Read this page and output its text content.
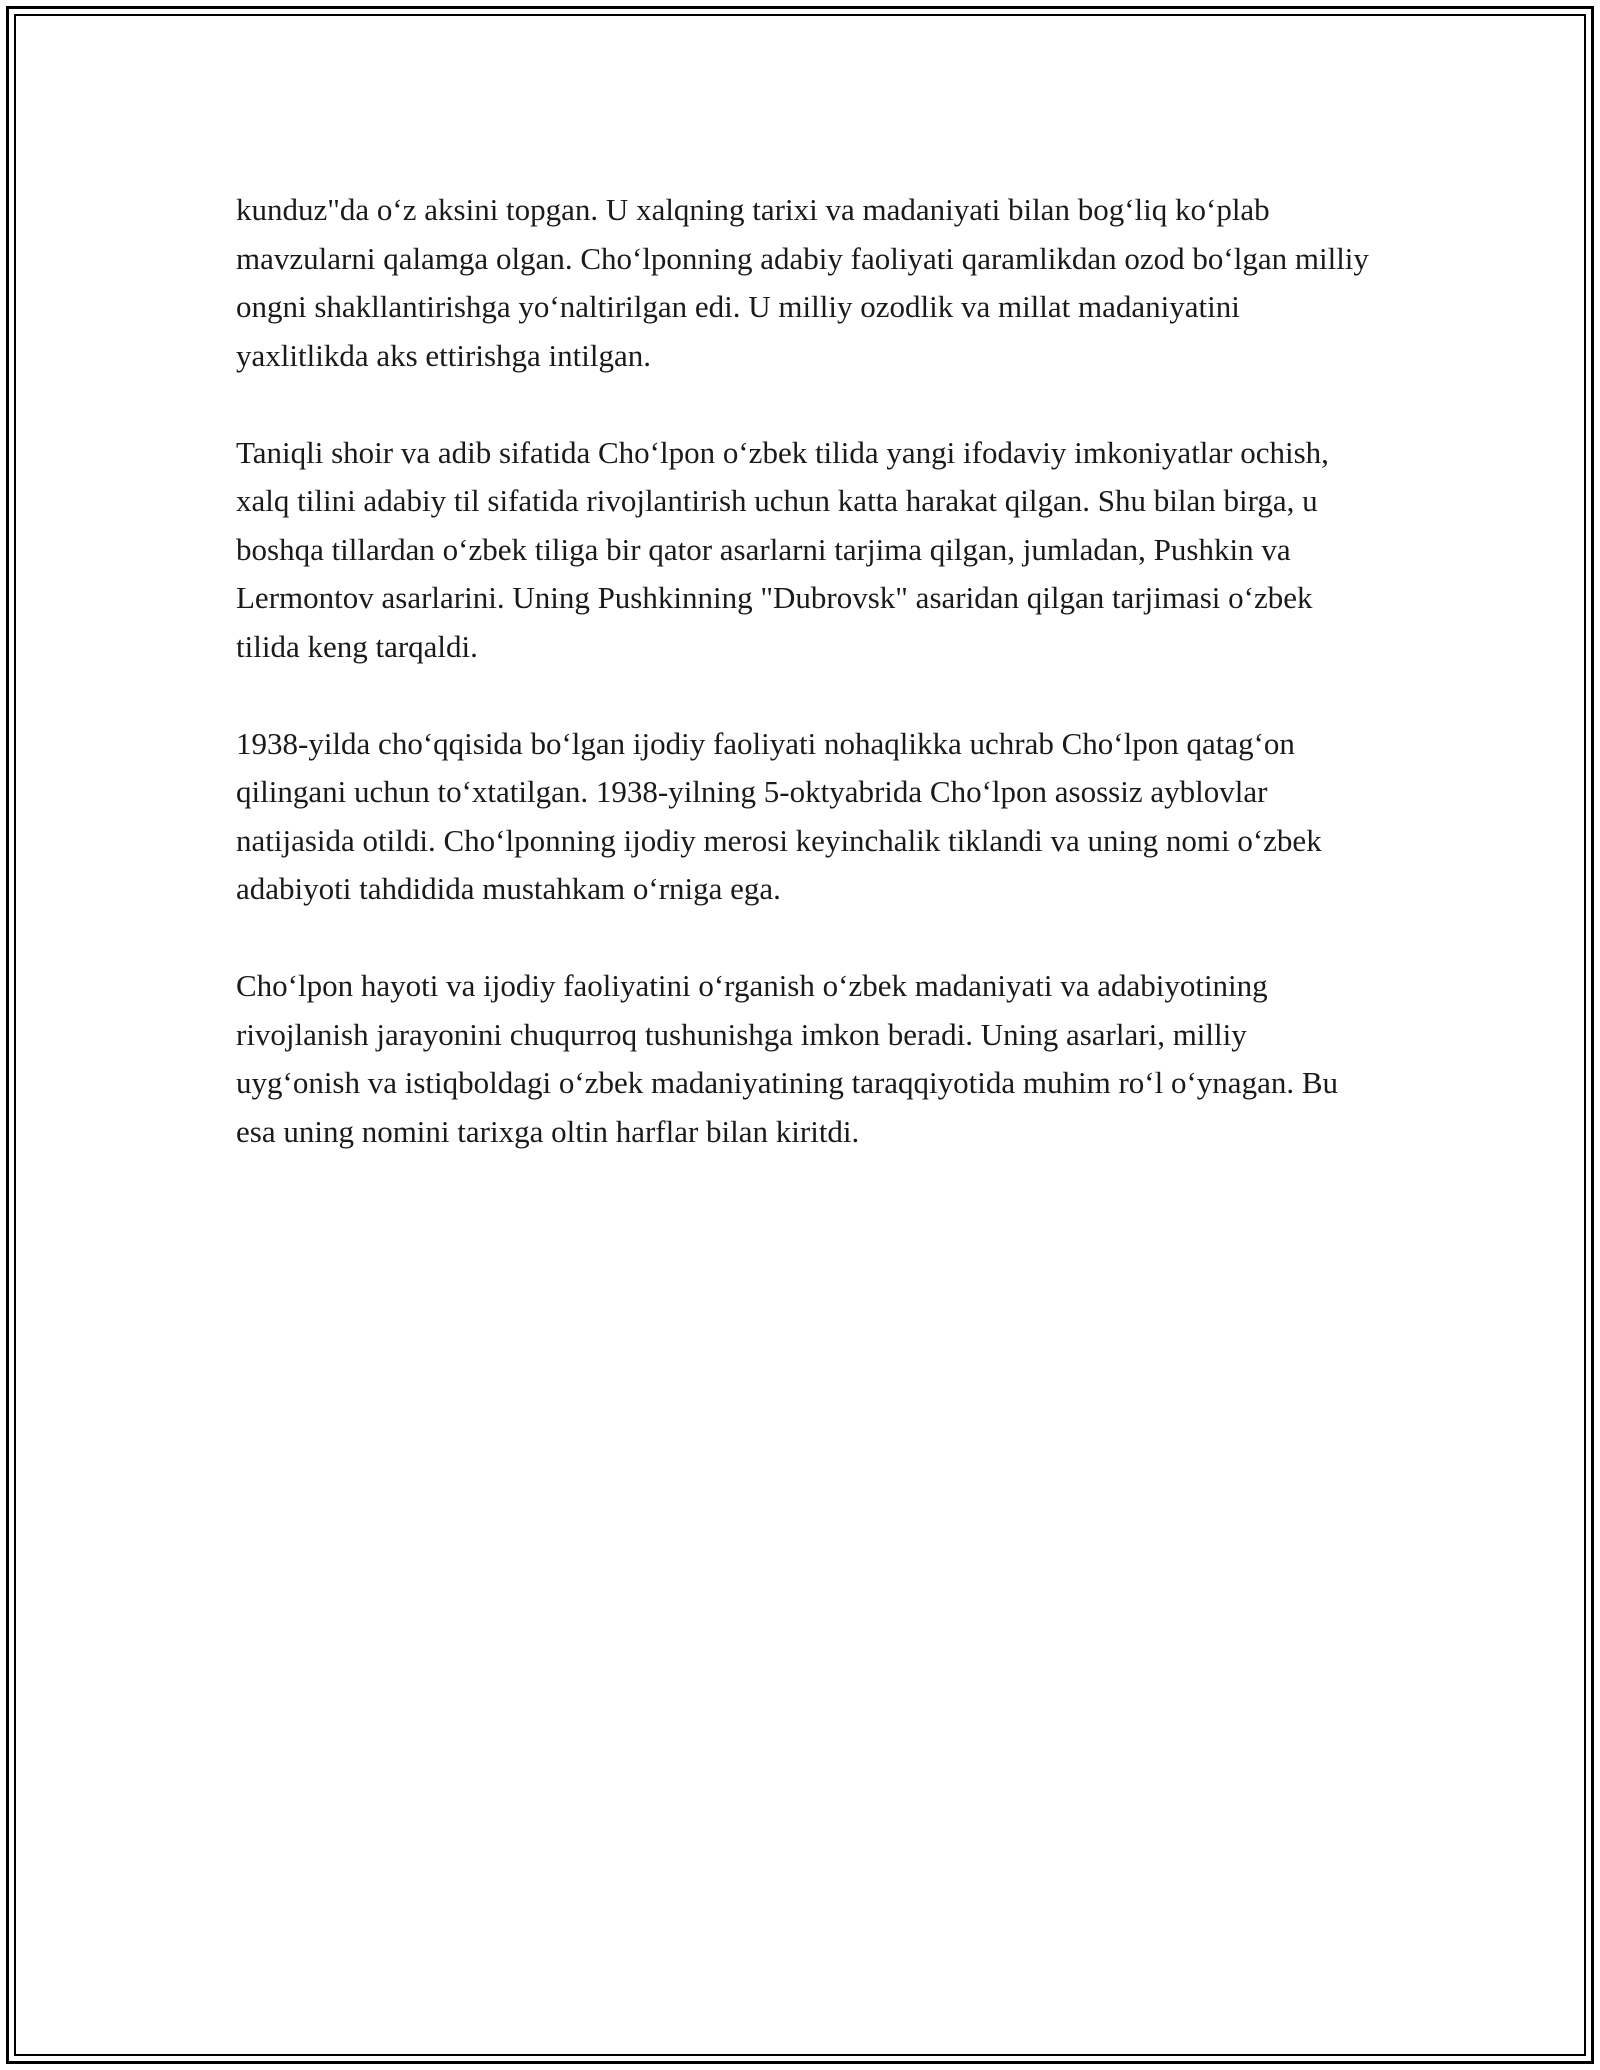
kunduz"da o‘z aksini topgan. U xalqning tarixi va madaniyati bilan bog‘liq ko‘plab mavzularni qalamga olgan. Cho‘lponning adabiy faoliyati qaramlikdan ozod bo‘lgan milliy ongni shakllantirishga yo‘naltirilgan edi. U milliy ozodlik va millat madaniyatini yaxlitlikda aks ettirishga intilgan.

Taniqli shoir va adib sifatida Cho‘lpon o‘zbek tilida yangi ifodaviy imkoniyatlar ochish, xalq tilini adabiy til sifatida rivojlantirish uchun katta harakat qilgan. Shu bilan birga, u boshqa tillardan o‘zbek tiliga bir qator asarlarni tarjima qilgan, jumladan, Pushkin va Lermontov asarlarini. Uning Pushkinning "Dubrovsk" asaridan qilgan tarjimasi o‘zbek tilida keng tarqaldi.

1938-yilda cho‘qqisida bo‘lgan ijodiy faoliyati nohaqlikka uchrab Cho‘lpon qatag‘on qilingani uchun to‘xtatilgan. 1938-yilning 5-oktyabrida Cho‘lpon asossiz ayblovlar natijasida otildi. Cho‘lponning ijodiy merosi keyinchalik tiklandi va uning nomi o‘zbek adabiyoti tahdidida mustahkam o‘rniga ega.

Cho‘lpon hayoti va ijodiy faoliyatini o‘rganish o‘zbek madaniyati va adabiyotining rivojlanish jarayonini chuqurroq tushunishga imkon beradi. Uning asarlari, milliy uyg‘onish va istiqboldagi o‘zbek madaniyatining taraqqiyotida muhim ro‘l o‘ynagan. Bu esa uning nomini tarixga oltin harflar bilan kiritdi.
